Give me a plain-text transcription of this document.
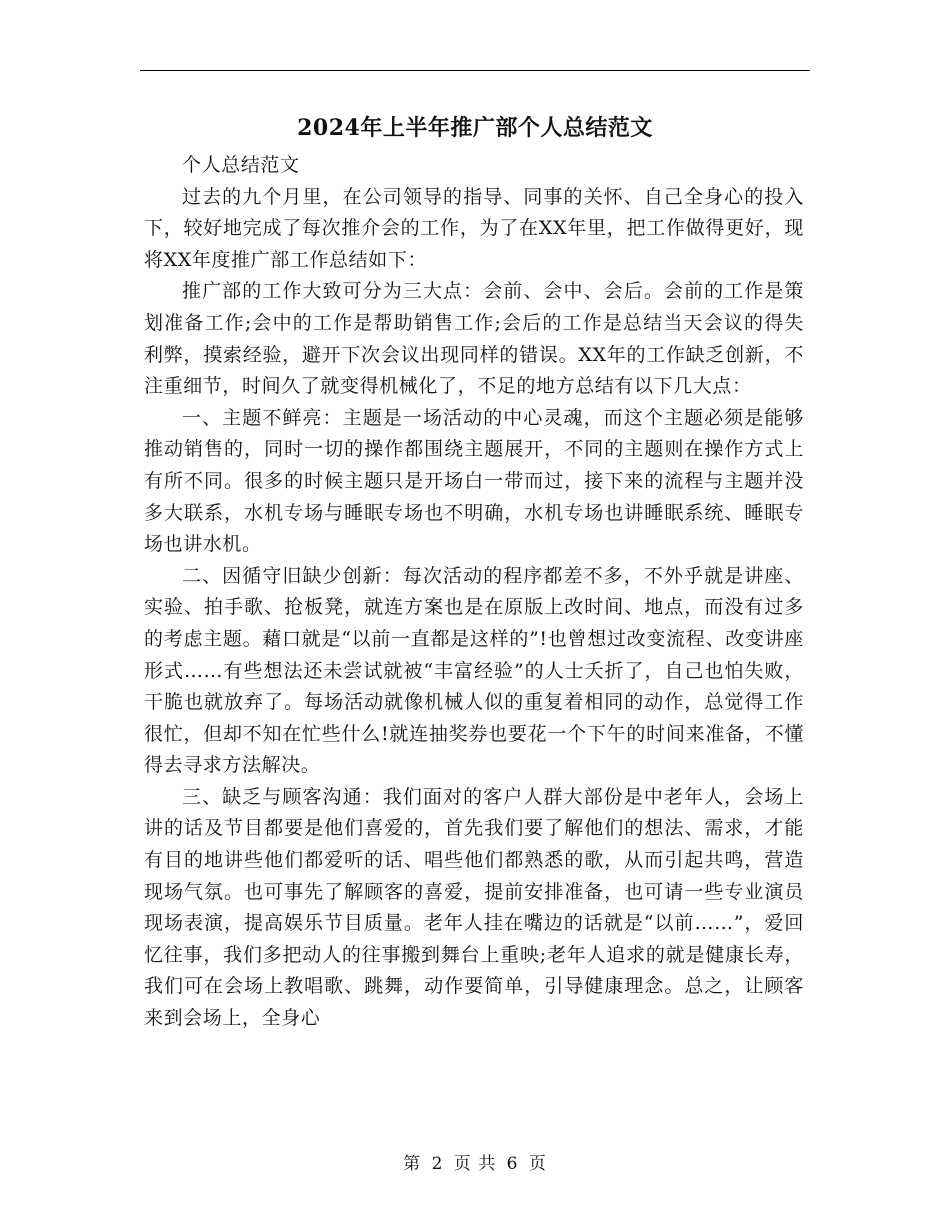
2024年上半年推广部个人总结范文

个人总结范文

过去的九个月里，在公司领导的指导、同事的关怀、自己全身心的投入下，较好地完成了每次推介会的工作，为了在XX年里，把工作做得更好，现将XX年度推广部工作总结如下：

推广部的工作大致可分为三大点：会前、会中、会后。会前的工作是策划准备工作;会中的工作是帮助销售工作;会后的工作是总结当天会议的得失利弊，摸索经验，避开下次会议出现同样的错误。XX年的工作缺乏创新，不注重细节，时间久了就变得机械化了，不足的地方总结有以下几大点：

一、主题不鲜亮：主题是一场活动的中心灵魂，而这个主题必须是能够推动销售的，同时一切的操作都围绕主题展开，不同的主题则在操作方式上有所不同。很多的时候主题只是开场白一带而过，接下来的流程与主题并没多大联系，水机专场与睡眠专场也不明确，水机专场也讲睡眠系统、睡眠专场也讲水机。

二、因循守旧缺少创新：每次活动的程序都差不多，不外乎就是讲座、实验、拍手歌、抢板凳，就连方案也是在原版上改时间、地点，而没有过多的考虑主题。藉口就是“以前一直都是这样的”!也曾想过改变流程、改变讲座形式……有些想法还未尝试就被“丰富经验”的人士夭折了，自己也怕失败，干脆也就放弃了。每场活动就像机械人似的重复着相同的动作，总觉得工作很忙，但却不知在忙些什么!就连抽奖券也要花一个下午的时间来准备，不懂得去寻求方法解决。

三、缺乏与顾客沟通：我们面对的客户人群大部份是中老年人，会场上讲的话及节目都要是他们喜爱的，首先我们要了解他们的想法、需求，才能有目的地讲些他们都爱听的话、唱些他们都熟悉的歌，从而引起共鸣，营造现场气氛。也可事先了解顾客的喜爱，提前安排准备，也可请一些专业演员现场表演，提高娱乐节目质量。老年人挂在嘴边的话就是“以前……”，爱回忆往事，我们多把动人的往事搬到舞台上重映;老年人追求的就是健康长寿，我们可在会场上教唱歌、跳舞，动作要简单，引导健康理念。总之，让顾客来到会场上，全身心

第 2 页 共 6 页
